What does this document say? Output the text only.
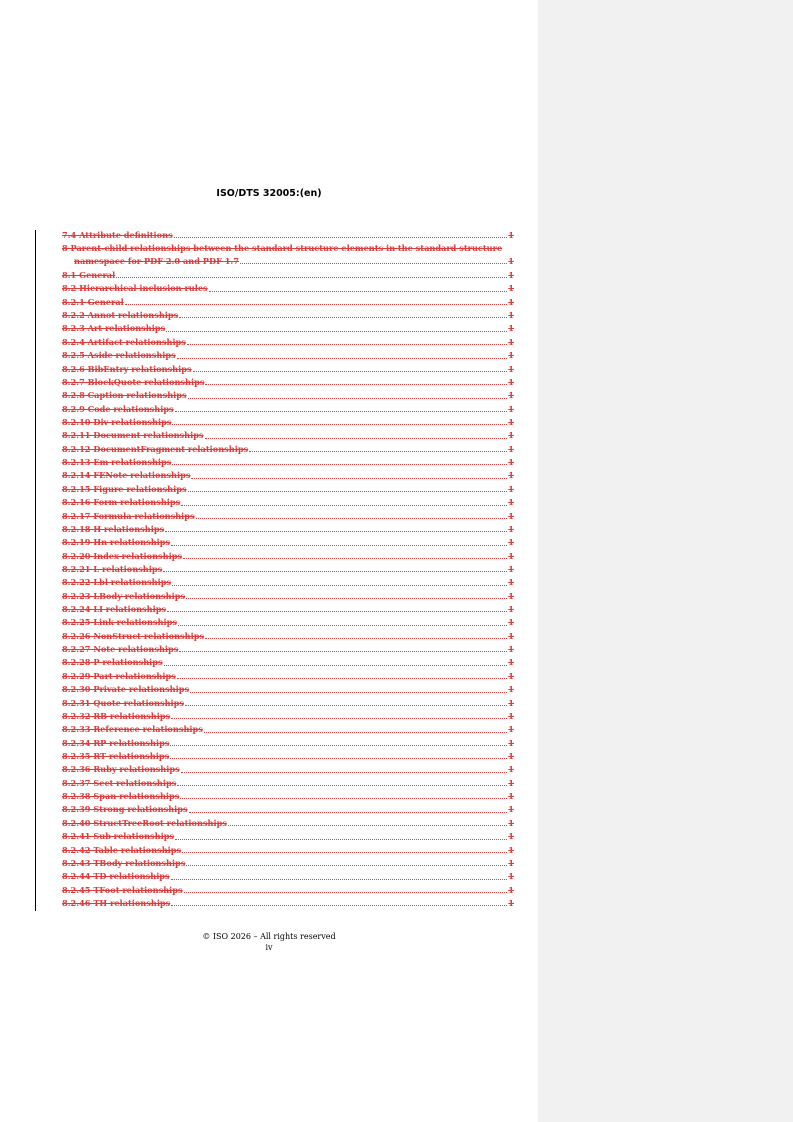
ISO/DTS 32005:(en)
7.4 Attribute definitions	1
8 Parent-child relationships between the standard structure elements in the standard structure
namespace for PDF 2.0 and PDF 1.7	1
8.1 General	1
8.2 Hierarchical inclusion rules	1
8.2.1 General	1
8.2.2 Annot relationships	1
8.2.3 Art relationships	1
8.2.4 Artifact relationships	1
8.2.5 Aside relationships	1
8.2.6 BibEntry relationships	1
8.2.7 BlockQuote relationships	1
8.2.8 Caption relationships	1
8.2.9 Code relationships	1
8.2.10 Div relationships	1
8.2.11 Document relationships	1
8.2.12 DocumentFragment relationships	1
8.2.13 Em relationships	1
8.2.14 FENote relationships	1
8.2.15 Figure relationships	1
8.2.16 Form relationships	1
8.2.17 Formula relationships	1
8.2.18 H relationships	1
8.2.19 Hn relationships	1
8.2.20 Index relationships	1
8.2.21 L relationships	1
8.2.22 Lbl relationships	1
8.2.23 LBody relationships	1
8.2.24 LI relationships	1
8.2.25 Link relationships	1
8.2.26 NonStruct relationships	1
8.2.27 Note relationships	1
8.2.28 P relationships	1
8.2.29 Part relationships	1
8.2.30 Private relationships	1
8.2.31 Quote relationships	1
8.2.32 RB relationships	1
8.2.33 Reference relationships	1
8.2.34 RP relationships	1
8.2.35 RT relationships	1
8.2.36 Ruby relationships	1
8.2.37 Sect relationships	1
8.2.38 Span relationships	1
8.2.39 Strong relationships	1
8.2.40 StructTreeRoot relationships	1
8.2.41 Sub relationships	1
8.2.42 Table relationships	1
8.2.43 TBody relationships	1
8.2.44 TD relationships	1
8.2.45 TFoot relationships	1
8.2.46 TH relationships	1
© ISO 2026 – All rights reserved
iv
